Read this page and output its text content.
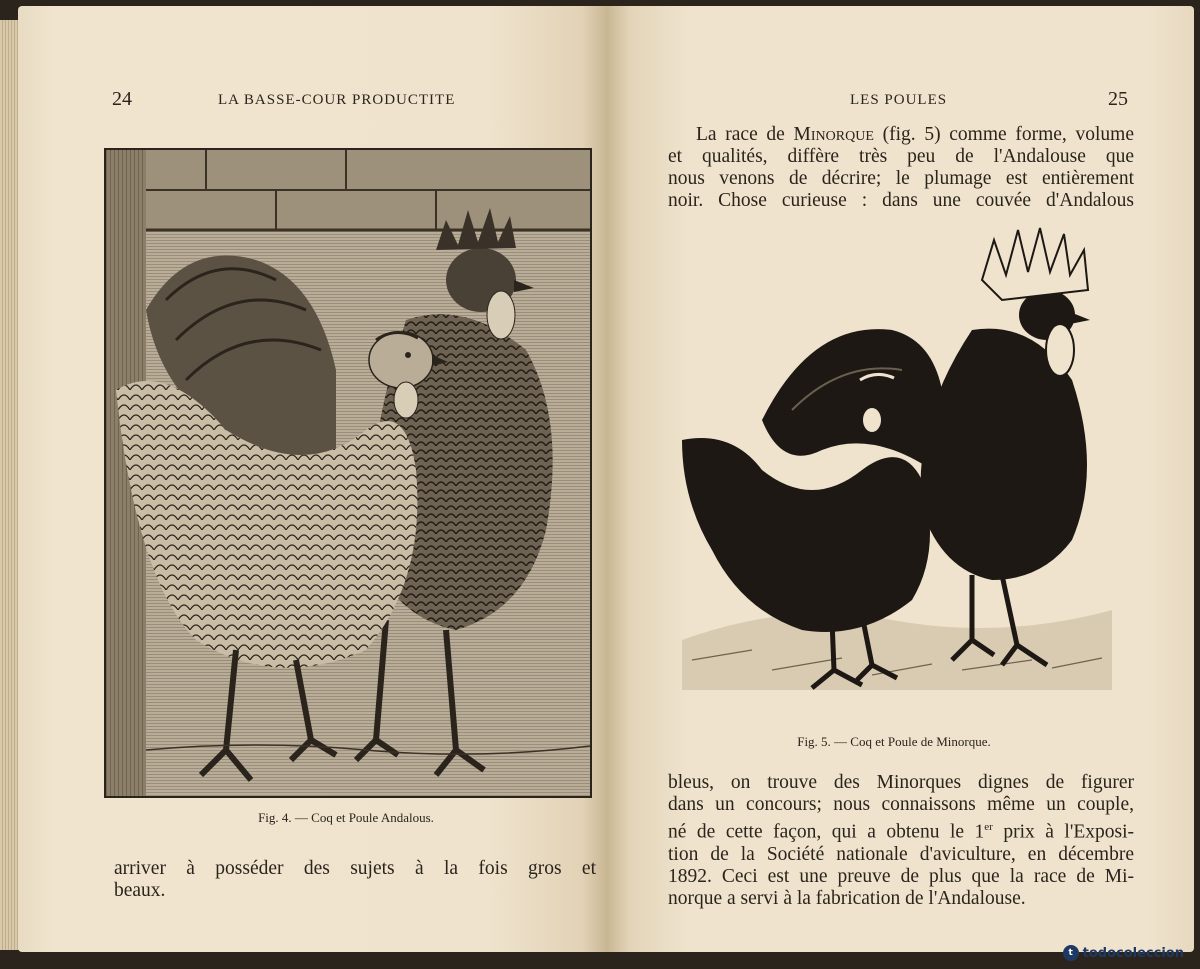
24	LA BASSE-COUR PRODUCTITE
Fig. 4. — Coq et Poule Andalous.

arriver à posséder des sujets à la fois gros et

beaux.

LES POULES	25

La race de Minorque (fig. 5) comme forme, volume

et qualités, diffère très peu de l'Andalouse que

nous venons de décrire; le plumage est entièrement

noir. Chose curieuse : dans une couvée d'Andalous

Fig. 5. — Coq et Poule de Minorque.

bleus, on trouve des Minorques dignes de figurer

dans un concours; nous connaissons même un couple,

né de cette façon, qui a obtenu le 1er prix à l'Exposi-

tion de la Société nationale d'aviculture, en décembre

1892. Ceci est une preuve de plus que la race de Mi-

norque a servi à la fabrication de l'Andalouse.

t todocoleccion
